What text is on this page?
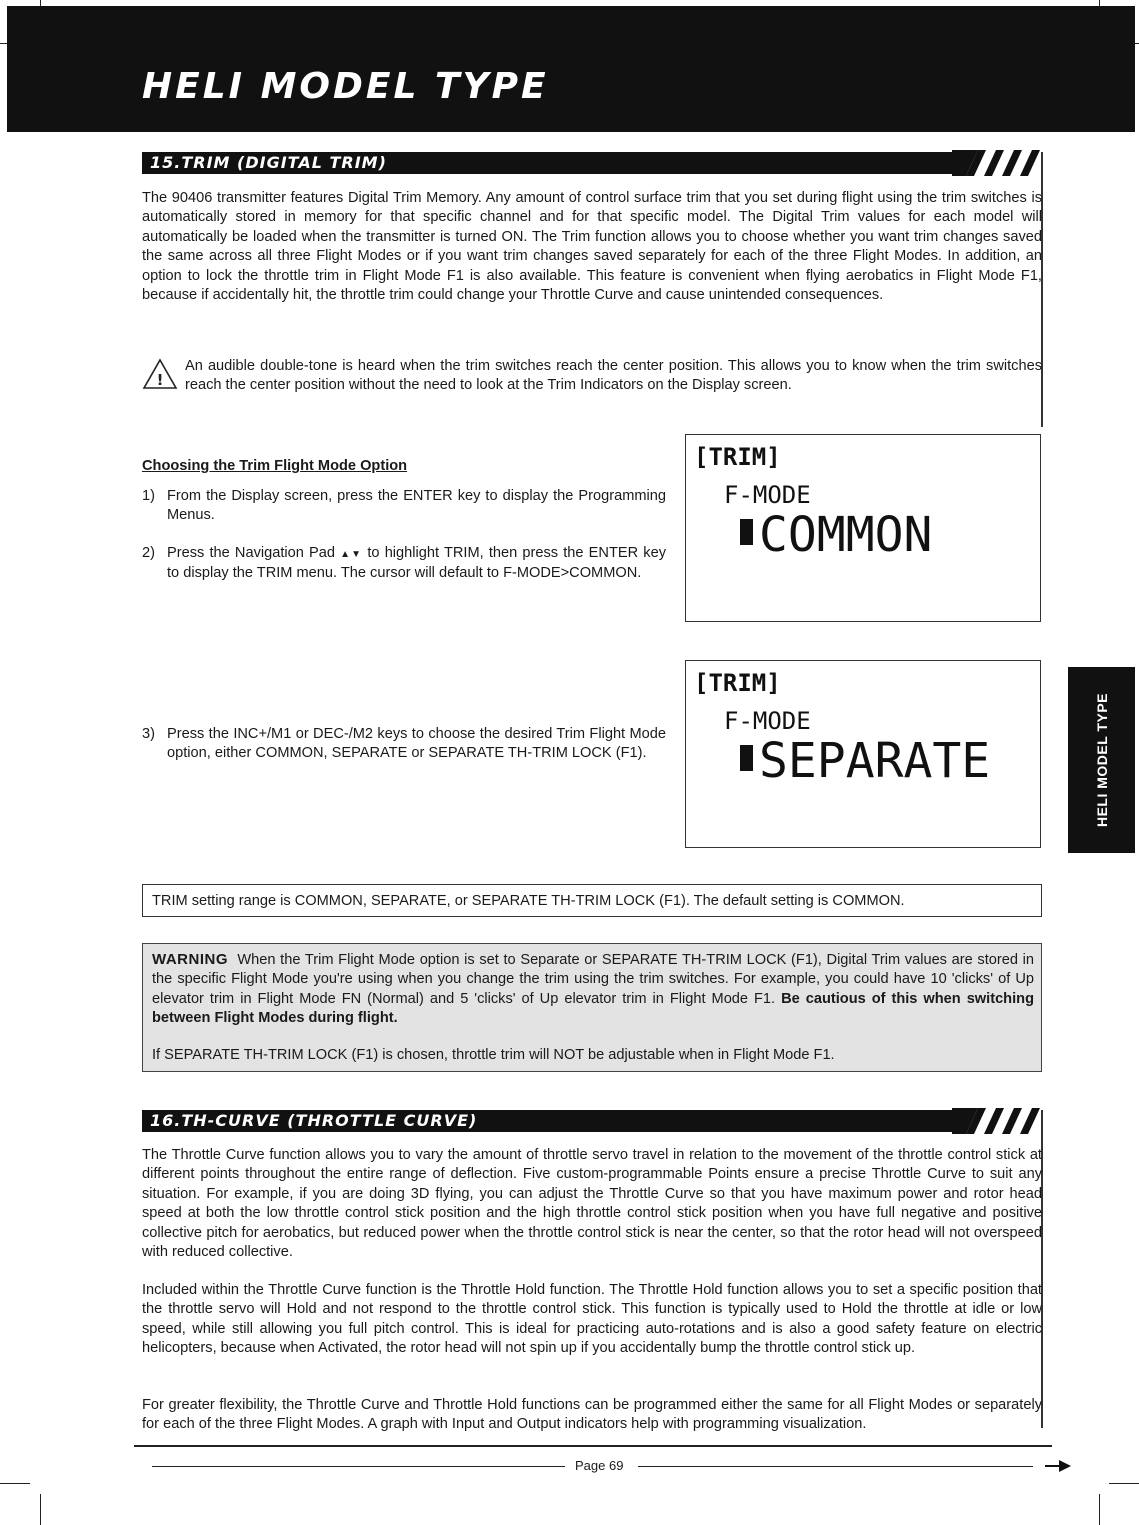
HELI MODEL TYPE
15.TRIM (DIGITAL TRIM)

The 90406 transmitter features Digital Trim Memory. Any amount of control surface trim that you set during flight using the trim switches is automatically stored in memory for that specific channel and for that specific model. The Digital Trim values for each model will automatically be loaded when the transmitter is turned ON. The Trim function allows you to choose whether you want trim changes saved the same across all three Flight Modes or if you want trim changes saved separately for each of the three Flight Modes. In addition, an option to lock the throttle trim in Flight Mode F1 is also available. This feature is convenient when flying aerobatics in Flight Mode F1, because if accidentally hit, the throttle trim could change your Throttle Curve and cause unintended consequences.

!

An audible double-tone is heard when the trim switches reach the center position. This allows you to know when the trim switches reach the center position without the need to look at the Trim Indicators on the Display screen.

Choosing the Trim Flight Mode Option
1) From the Display screen, press the ENTER key to display the Programming Menus.
2) Press the Navigation Pad ▲▼ to highlight TRIM, then press the ENTER key to display the TRIM menu. The cursor will default to F-MODE>COMMON.
3) Press the INC+/M1 or DEC-/M2 keys to choose the desired Trim Flight Mode option, either COMMON, SEPARATE or SEPARATE TH-TRIM LOCK (F1).
[TRIM]
F-MODE
COMMON
[TRIM]
F-MODE
SEPARATE	HELI MODEL TYPE
TRIM setting range is COMMON, SEPARATE, or SEPARATE TH-TRIM LOCK (F1). The default setting is COMMON.

WARNING When the Trim Flight Mode option is set to Separate or SEPARATE TH-TRIM LOCK (F1), Digital Trim values are stored in the specific Flight Mode you're using when you change the trim using the trim switches. For example, you could have 10 'clicks' of Up elevator trim in Flight Mode FN (Normal) and 5 'clicks' of Up elevator trim in Flight Mode F1. Be cautious of this when switching between Flight Modes during flight.

If SEPARATE TH-TRIM LOCK (F1) is chosen, throttle trim will NOT be adjustable when in Flight Mode F1.
16.TH-CURVE (THROTTLE CURVE)

The Throttle Curve function allows you to vary the amount of throttle servo travel in relation to the movement of the throttle control stick at different points throughout the entire range of deflection. Five custom-programmable Points ensure a precise Throttle Curve to suit any situation. For example, if you are doing 3D flying, you can adjust the Throttle Curve so that you have maximum power and rotor head speed at both the low throttle control stick position and the high throttle control stick position when you have full negative and positive collective pitch for aerobatics, but reduced power when the throttle control stick is near the center, so that the rotor head will not overspeed with reduced collective.

Included within the Throttle Curve function is the Throttle Hold function. The Throttle Hold function allows you to set a specific position that the throttle servo will Hold and not respond to the throttle control stick. This function is typically used to Hold the throttle at idle or low speed, while still allowing you full pitch control. This is ideal for practicing auto-rotations and is also a good safety feature on electric helicopters, because when Activated, the rotor head will not spin up if you accidentally bump the throttle control stick up.

For greater flexibility, the Throttle Curve and Throttle Hold functions can be programmed either the same for all Flight Modes or separately for each of the three Flight Modes. A graph with Input and Output indicators help with programming visualization.

Page 69
